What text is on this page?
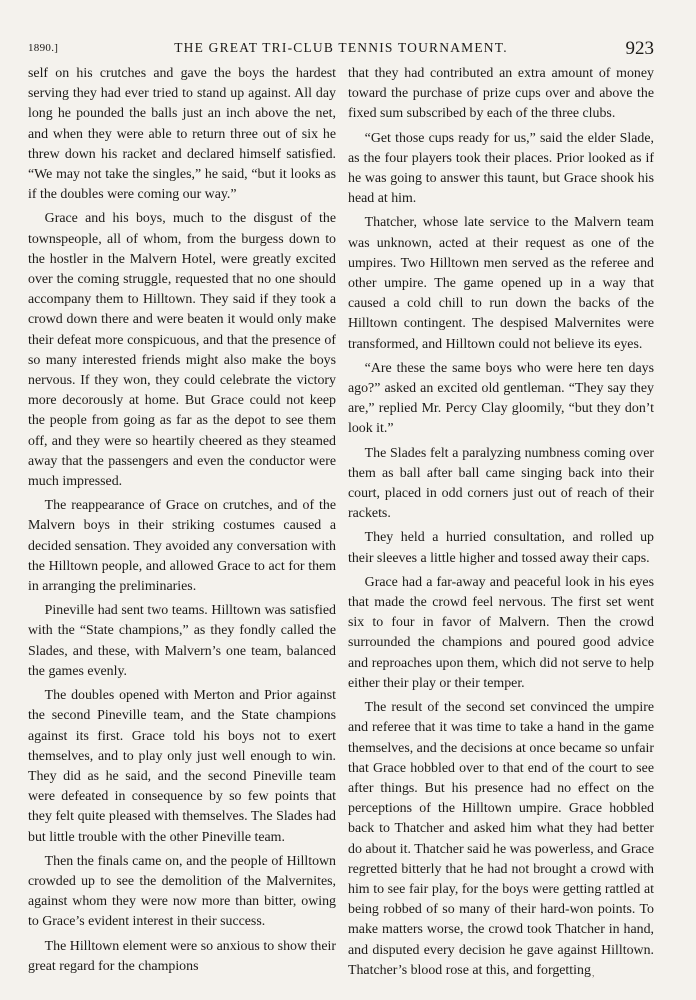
1890.]	THE GREAT TRI-CLUB TENNIS TOURNAMENT.	923

self on his crutches and gave the boys the hardest serving they had ever tried to stand up against. All day long he pounded the balls just an inch above the net, and when they were able to return three out of six he threw down his racket and declared himself satisfied. “We may not take the singles,” he said, “but it looks as if the doubles were coming our way.”

Grace and his boys, much to the disgust of the townspeople, all of whom, from the burgess down to the hostler in the Malvern Hotel, were greatly excited over the coming struggle, requested that no one should accompany them to Hilltown. They said if they took a crowd down there and were beaten it would only make their defeat more conspicuous, and that the presence of so many interested friends might also make the boys nervous. If they won, they could celebrate the victory more decorously at home. But Grace could not keep the people from going as far as the depot to see them off, and they were so heartily cheered as they steamed away that the passengers and even the conductor were much impressed.

The reappearance of Grace on crutches, and of the Malvern boys in their striking costumes caused a decided sensation. They avoided any conversation with the Hilltown people, and allowed Grace to act for them in arranging the preliminaries.

Pineville had sent two teams. Hilltown was satisfied with the “State champions,” as they fondly called the Slades, and these, with Malvern’s one team, balanced the games evenly.

The doubles opened with Merton and Prior against the second Pineville team, and the State champions against its first. Grace told his boys not to exert themselves, and to play only just well enough to win. They did as he said, and the second Pineville team were defeated in consequence by so few points that they felt quite pleased with themselves. The Slades had but little trouble with the other Pineville team.

Then the finals came on, and the people of Hilltown crowded up to see the demolition of the Malvernites, against whom they were now more than bitter, owing to Grace’s evident interest in their success.

The Hilltown element were so anxious to show their great regard for the champions

that they had contributed an extra amount of money toward the purchase of prize cups over and above the fixed sum subscribed by each of the three clubs.

“Get those cups ready for us,” said the elder Slade, as the four players took their places. Prior looked as if he was going to answer this taunt, but Grace shook his head at him.

Thatcher, whose late service to the Malvern team was unknown, acted at their request as one of the umpires. Two Hilltown men served as the referee and other umpire. The game opened up in a way that caused a cold chill to run down the backs of the Hilltown contingent. The despised Malvernites were transformed, and Hilltown could not believe its eyes.

“Are these the same boys who were here ten days ago?” asked an excited old gentleman. “They say they are,” replied Mr. Percy Clay gloomily, “but they don’t look it.”

The Slades felt a paralyzing numbness coming over them as ball after ball came singing back into their court, placed in odd corners just out of reach of their rackets.

They held a hurried consultation, and rolled up their sleeves a little higher and tossed away their caps.

Grace had a far-away and peaceful look in his eyes that made the crowd feel nervous. The first set went six to four in favor of Malvern. Then the crowd surrounded the champions and poured good advice and reproaches upon them, which did not serve to help either their play or their temper.

The result of the second set convinced the umpire and referee that it was time to take a hand in the game themselves, and the decisions at once became so unfair that Grace hobbled over to that end of the court to see after things. But his presence had no effect on the perceptions of the Hilltown umpire. Grace hobbled back to Thatcher and asked him what they had better do about it. Thatcher said he was powerless, and Grace regretted bitterly that he had not brought a crowd with him to see fair play, for the boys were getting rattled at being robbed of so many of their hard-won points. To make matters worse, the crowd took Thatcher in hand, and disputed every decision he gave against Hilltown. Thatcher’s blood rose at this, and forgetting ,
